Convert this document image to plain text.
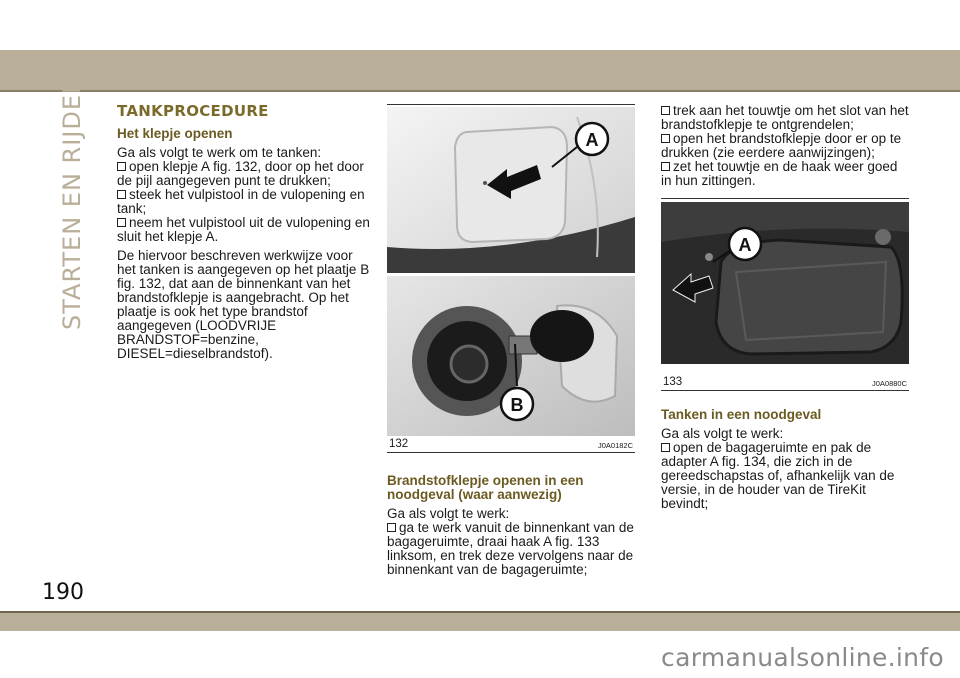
STARTEN EN RIJDEN TANKPROCEDURE
Het klepje openen

Ga als volgt te werk om te tanken:

open klepje A fig. 132, door op het door de pijl aangegeven punt te drukken;

steek het vulpistool in de vulopening en tank;

neem het vulpistool uit de vulopening en sluit het klepje A.

De hiervoor beschreven werkwijze voor het tanken is aangegeven op het plaatje B fig. 132, dat aan de binnenkant van het brandstofklepje is aangebracht. Op het plaatje is ook het type brandstof aangegeven (LOODVRIJE BRANDSTOF=benzine, DIESEL=dieselbrandstof).

A
B
132	J0A0182C
Brandstofklepje openen in een noodgeval (waar aanwezig)

Ga als volgt te werk:

ga te werk vanuit de binnenkant van de bagageruimte, draai haak A fig. 133 linksom, en trek deze vervolgens naar de binnenkant van de bagageruimte;

trek aan het touwtje om het slot van het brandstofklepje te ontgrendelen;

open het brandstofklepje door er op te drukken (zie eerdere aanwijzingen);

zet het touwtje en de haak weer goed in hun zittingen.

A
133	J0A0880C
Tanken in een noodgeval

Ga als volgt te werk:

open de bagageruimte en pak de adapter A fig. 134, die zich in de gereedschapstas of, afhankelijk van de versie, in de houder van de TireKit bevindt;

190
carmanualsonline.info
